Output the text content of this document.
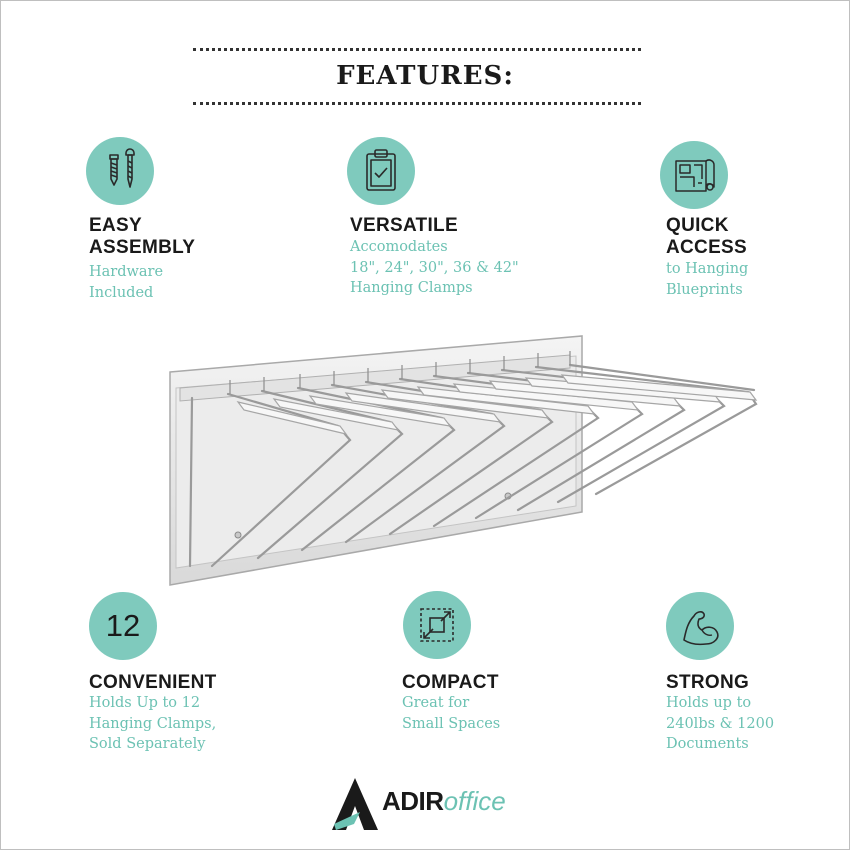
FEATURES:
EASY
ASSEMBLY
Hardware
Included
VERSATILE
Accomodates
18", 24", 30", 36 & 42"
Hanging Clamps
QUICK
ACCESS
to Hanging
Blueprints
12
CONVENIENT
Holds Up to 12
Hanging Clamps,
Sold Separately
COMPACT
Great for
Small Spaces
STRONG
Holds up to
240lbs & 1200
Documents
ADIRoffice
